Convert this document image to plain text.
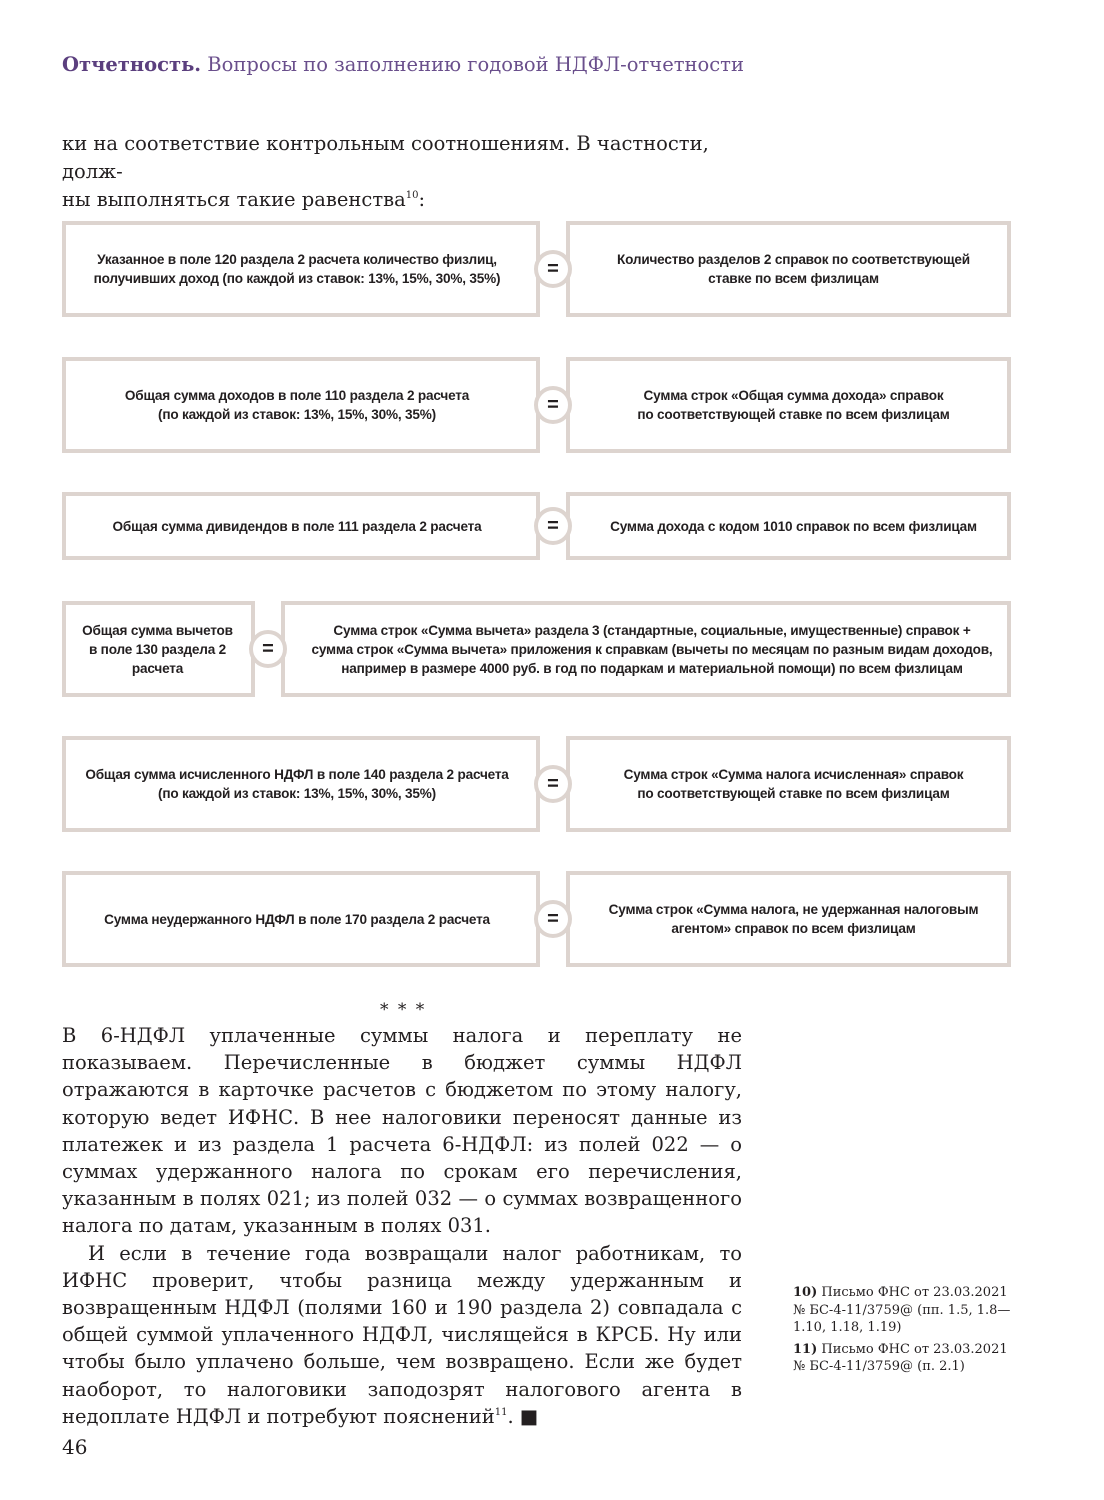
Отчетность. Вопросы по заполнению годовой НДФЛ-отчетности
ки на соответствие контрольным соотношениям. В частности, долж-
ны выполняться такие равенства$^{10}$:
Указанное в поле 120 раздела 2 расчета количество физлиц,
получивших доход (по каждой из ставок: 13%, 15%, 30%, 35%)
Количество разделов 2 справок по соответствующей
ставке по всем физлицам
=
Общая сумма доходов в поле 110 раздела 2 расчета
(по каждой из ставок: 13%, 15%, 30%, 35%)
Сумма строк «Общая сумма дохода» справок
по соответствующей ставке по всем физлицам
=
Общая сумма дивидендов в поле 111 раздела 2 расчета	Сумма дохода с кодом 1010 справок по всем физлицам
=
Общая сумма вычетов
в поле 130 раздела 2
расчета
Сумма строк «Сумма вычета» раздела 3 (стандартные, социальные, имущественные) справок +
сумма строк «Сумма вычета» приложения к справкам (вычеты по месяцам по разным видам доходов,
например в размере 4000 руб. в год по подаркам и материальной помощи) по всем физлицам
=
Общая сумма исчисленного НДФЛ в поле 140 раздела 2 расчета
(по каждой из ставок: 13%, 15%, 30%, 35%)
Сумма строк «Сумма налога исчисленная» справок
по соответствующей ставке по всем физлицам
=
Сумма неудержанного НДФЛ в поле 170 раздела 2 расчета
Сумма строк «Сумма налога, не удержанная налоговым
агентом» справок по всем физлицам
=
* * *

В 6-НДФЛ уплаченные суммы налога и переплату не показываем. Перечисленные в бюджет суммы НДФЛ отражаются в карточке расчетов с бюджетом по этому налогу, которую ведет ИФНС. В нее налоговики переносят данные из платежек и из раздела 1 расчета 6-НДФЛ: из полей 022 — о суммах удержанного налога по срокам его перечисления, указанным в полях 021; из полей 032 — о суммах возвращенного налога по датам, указанным в полях 031.

И если в течение года возвращали налог работникам, то ИФНС проверит, чтобы разница между удержанным и возвращенным НДФЛ (полями 160 и 190 раздела 2) совпадала с общей суммой уплаченного НДФЛ, числящейся в КРСБ. Ну или чтобы было уплачено больше, чем возвращено. Если же будет наоборот, то налоговики заподозрят налогового агента в недоплате НДФЛ и потребуют пояснений$^{11}$. ■

10) Письмо ФНС от 23.03.2021 № БС-4-11/3759@ (пп. 1.5, 1.8—1.10, 1.18, 1.19)

11) Письмо ФНС от 23.03.2021 № БС-4-11/3759@ (п. 2.1)

46
